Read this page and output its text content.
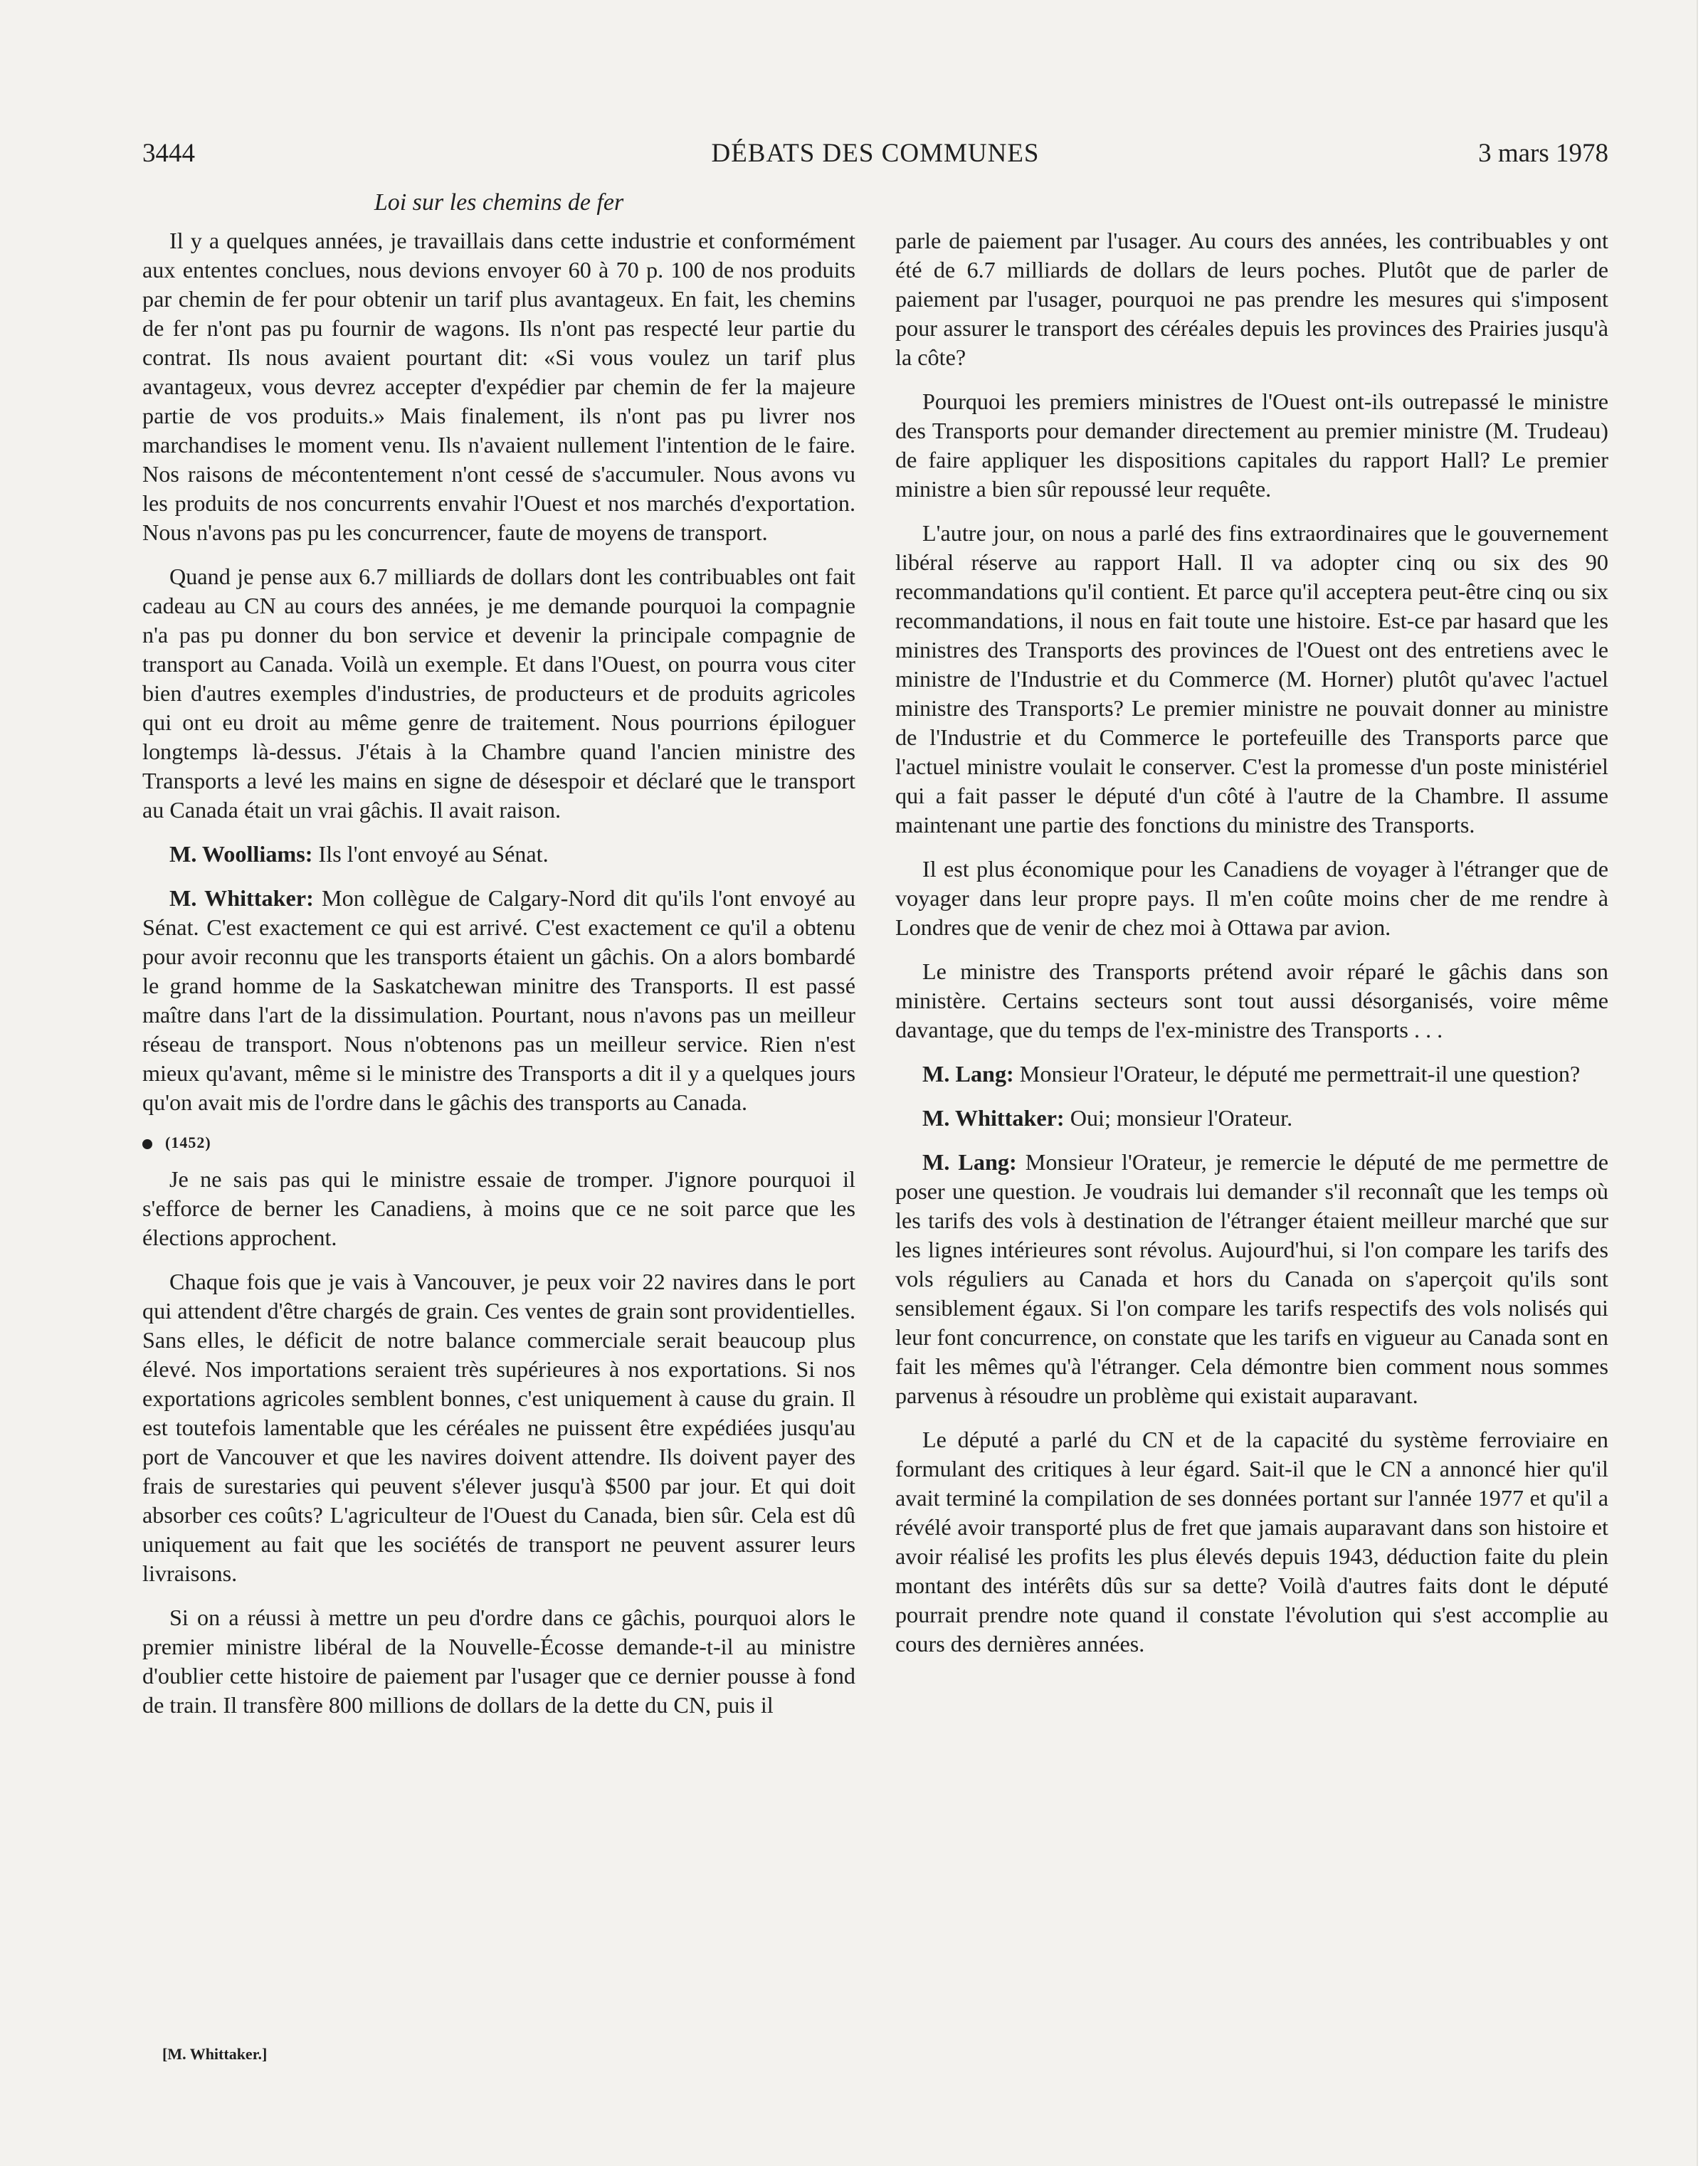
3444	DÉBATS DES COMMUNES	3 mars 1978
Loi sur les chemins de fer

Il y a quelques années, je travaillais dans cette industrie et conformément aux ententes conclues, nous devions envoyer 60 à 70 p. 100 de nos produits par chemin de fer pour obtenir un tarif plus avantageux. En fait, les chemins de fer n'ont pas pu fournir de wagons. Ils n'ont pas respecté leur partie du contrat. Ils nous avaient pourtant dit: «Si vous voulez un tarif plus avantageux, vous devrez accepter d'expédier par chemin de fer la majeure partie de vos produits.» Mais finalement, ils n'ont pas pu livrer nos marchandises le moment venu. Ils n'avaient nullement l'intention de le faire. Nos raisons de mécontentement n'ont cessé de s'accumuler. Nous avons vu les produits de nos concurrents envahir l'Ouest et nos marchés d'exportation. Nous n'avons pas pu les concurrencer, faute de moyens de transport.

Quand je pense aux 6.7 milliards de dollars dont les contribuables ont fait cadeau au CN au cours des années, je me demande pourquoi la compagnie n'a pas pu donner du bon service et devenir la principale compagnie de transport au Canada. Voilà un exemple. Et dans l'Ouest, on pourra vous citer bien d'autres exemples d'industries, de producteurs et de produits agricoles qui ont eu droit au même genre de traitement. Nous pourrions épiloguer longtemps là-dessus. J'étais à la Chambre quand l'ancien ministre des Transports a levé les mains en signe de désespoir et déclaré que le transport au Canada était un vrai gâchis. Il avait raison.

M. Woolliams: Ils l'ont envoyé au Sénat.

M. Whittaker: Mon collègue de Calgary-Nord dit qu'ils l'ont envoyé au Sénat. C'est exactement ce qui est arrivé. C'est exactement ce qu'il a obtenu pour avoir reconnu que les transports étaient un gâchis. On a alors bombardé le grand homme de la Saskatchewan minitre des Transports. Il est passé maître dans l'art de la dissimulation. Pourtant, nous n'avons pas un meilleur réseau de transport. Nous n'obtenons pas un meilleur service. Rien n'est mieux qu'avant, même si le ministre des Transports a dit il y a quelques jours qu'on avait mis de l'ordre dans le gâchis des transports au Canada.

(1452)

Je ne sais pas qui le ministre essaie de tromper. J'ignore pourquoi il s'efforce de berner les Canadiens, à moins que ce ne soit parce que les élections approchent.

Chaque fois que je vais à Vancouver, je peux voir 22 navires dans le port qui attendent d'être chargés de grain. Ces ventes de grain sont providentielles. Sans elles, le déficit de notre balance commerciale serait beaucoup plus élevé. Nos importations seraient très supérieures à nos exportations. Si nos exportations agricoles semblent bonnes, c'est uniquement à cause du grain. Il est toutefois lamentable que les céréales ne puissent être expédiées jusqu'au port de Vancouver et que les navires doivent attendre. Ils doivent payer des frais de surestaries qui peuvent s'élever jusqu'à $500 par jour. Et qui doit absorber ces coûts? L'agriculteur de l'Ouest du Canada, bien sûr. Cela est dû uniquement au fait que les sociétés de transport ne peuvent assurer leurs livraisons.

Si on a réussi à mettre un peu d'ordre dans ce gâchis, pourquoi alors le premier ministre libéral de la Nouvelle-Écosse demande-t-il au ministre d'oublier cette histoire de paiement par l'usager que ce dernier pousse à fond de train. Il transfère 800 millions de dollars de la dette du CN, puis il

parle de paiement par l'usager. Au cours des années, les contribuables y ont été de 6.7 milliards de dollars de leurs poches. Plutôt que de parler de paiement par l'usager, pourquoi ne pas prendre les mesures qui s'imposent pour assurer le transport des céréales depuis les provinces des Prairies jusqu'à la côte?

Pourquoi les premiers ministres de l'Ouest ont-ils outrepassé le ministre des Transports pour demander directement au premier ministre (M. Trudeau) de faire appliquer les dispositions capitales du rapport Hall? Le premier ministre a bien sûr repoussé leur requête.

L'autre jour, on nous a parlé des fins extraordinaires que le gouvernement libéral réserve au rapport Hall. Il va adopter cinq ou six des 90 recommandations qu'il contient. Et parce qu'il acceptera peut-être cinq ou six recommandations, il nous en fait toute une histoire. Est-ce par hasard que les ministres des Transports des provinces de l'Ouest ont des entretiens avec le ministre de l'Industrie et du Commerce (M. Horner) plutôt qu'avec l'actuel ministre des Transports? Le premier ministre ne pouvait donner au ministre de l'Industrie et du Commerce le portefeuille des Transports parce que l'actuel ministre voulait le conserver. C'est la promesse d'un poste ministériel qui a fait passer le député d'un côté à l'autre de la Chambre. Il assume maintenant une partie des fonctions du ministre des Transports.

Il est plus économique pour les Canadiens de voyager à l'étranger que de voyager dans leur propre pays. Il m'en coûte moins cher de me rendre à Londres que de venir de chez moi à Ottawa par avion.

Le ministre des Transports prétend avoir réparé le gâchis dans son ministère. Certains secteurs sont tout aussi désorganisés, voire même davantage, que du temps de l'ex-ministre des Transports . . .

M. Lang: Monsieur l'Orateur, le député me permettrait-il une question?

M. Whittaker: Oui; monsieur l'Orateur.

M. Lang: Monsieur l'Orateur, je remercie le député de me permettre de poser une question. Je voudrais lui demander s'il reconnaît que les temps où les tarifs des vols à destination de l'étranger étaient meilleur marché que sur les lignes intérieures sont révolus. Aujourd'hui, si l'on compare les tarifs des vols réguliers au Canada et hors du Canada on s'aperçoit qu'ils sont sensiblement égaux. Si l'on compare les tarifs respectifs des vols nolisés qui leur font concurrence, on constate que les tarifs en vigueur au Canada sont en fait les mêmes qu'à l'étranger. Cela démontre bien comment nous sommes parvenus à résoudre un problème qui existait auparavant.

Le député a parlé du CN et de la capacité du système ferroviaire en formulant des critiques à leur égard. Sait-il que le CN a annoncé hier qu'il avait terminé la compilation de ses données portant sur l'année 1977 et qu'il a révélé avoir transporté plus de fret que jamais auparavant dans son histoire et avoir réalisé les profits les plus élevés depuis 1943, déduction faite du plein montant des intérêts dûs sur sa dette? Voilà d'autres faits dont le député pourrait prendre note quand il constate l'évolution qui s'est accomplie au cours des dernières années.

[M. Whittaker.]
